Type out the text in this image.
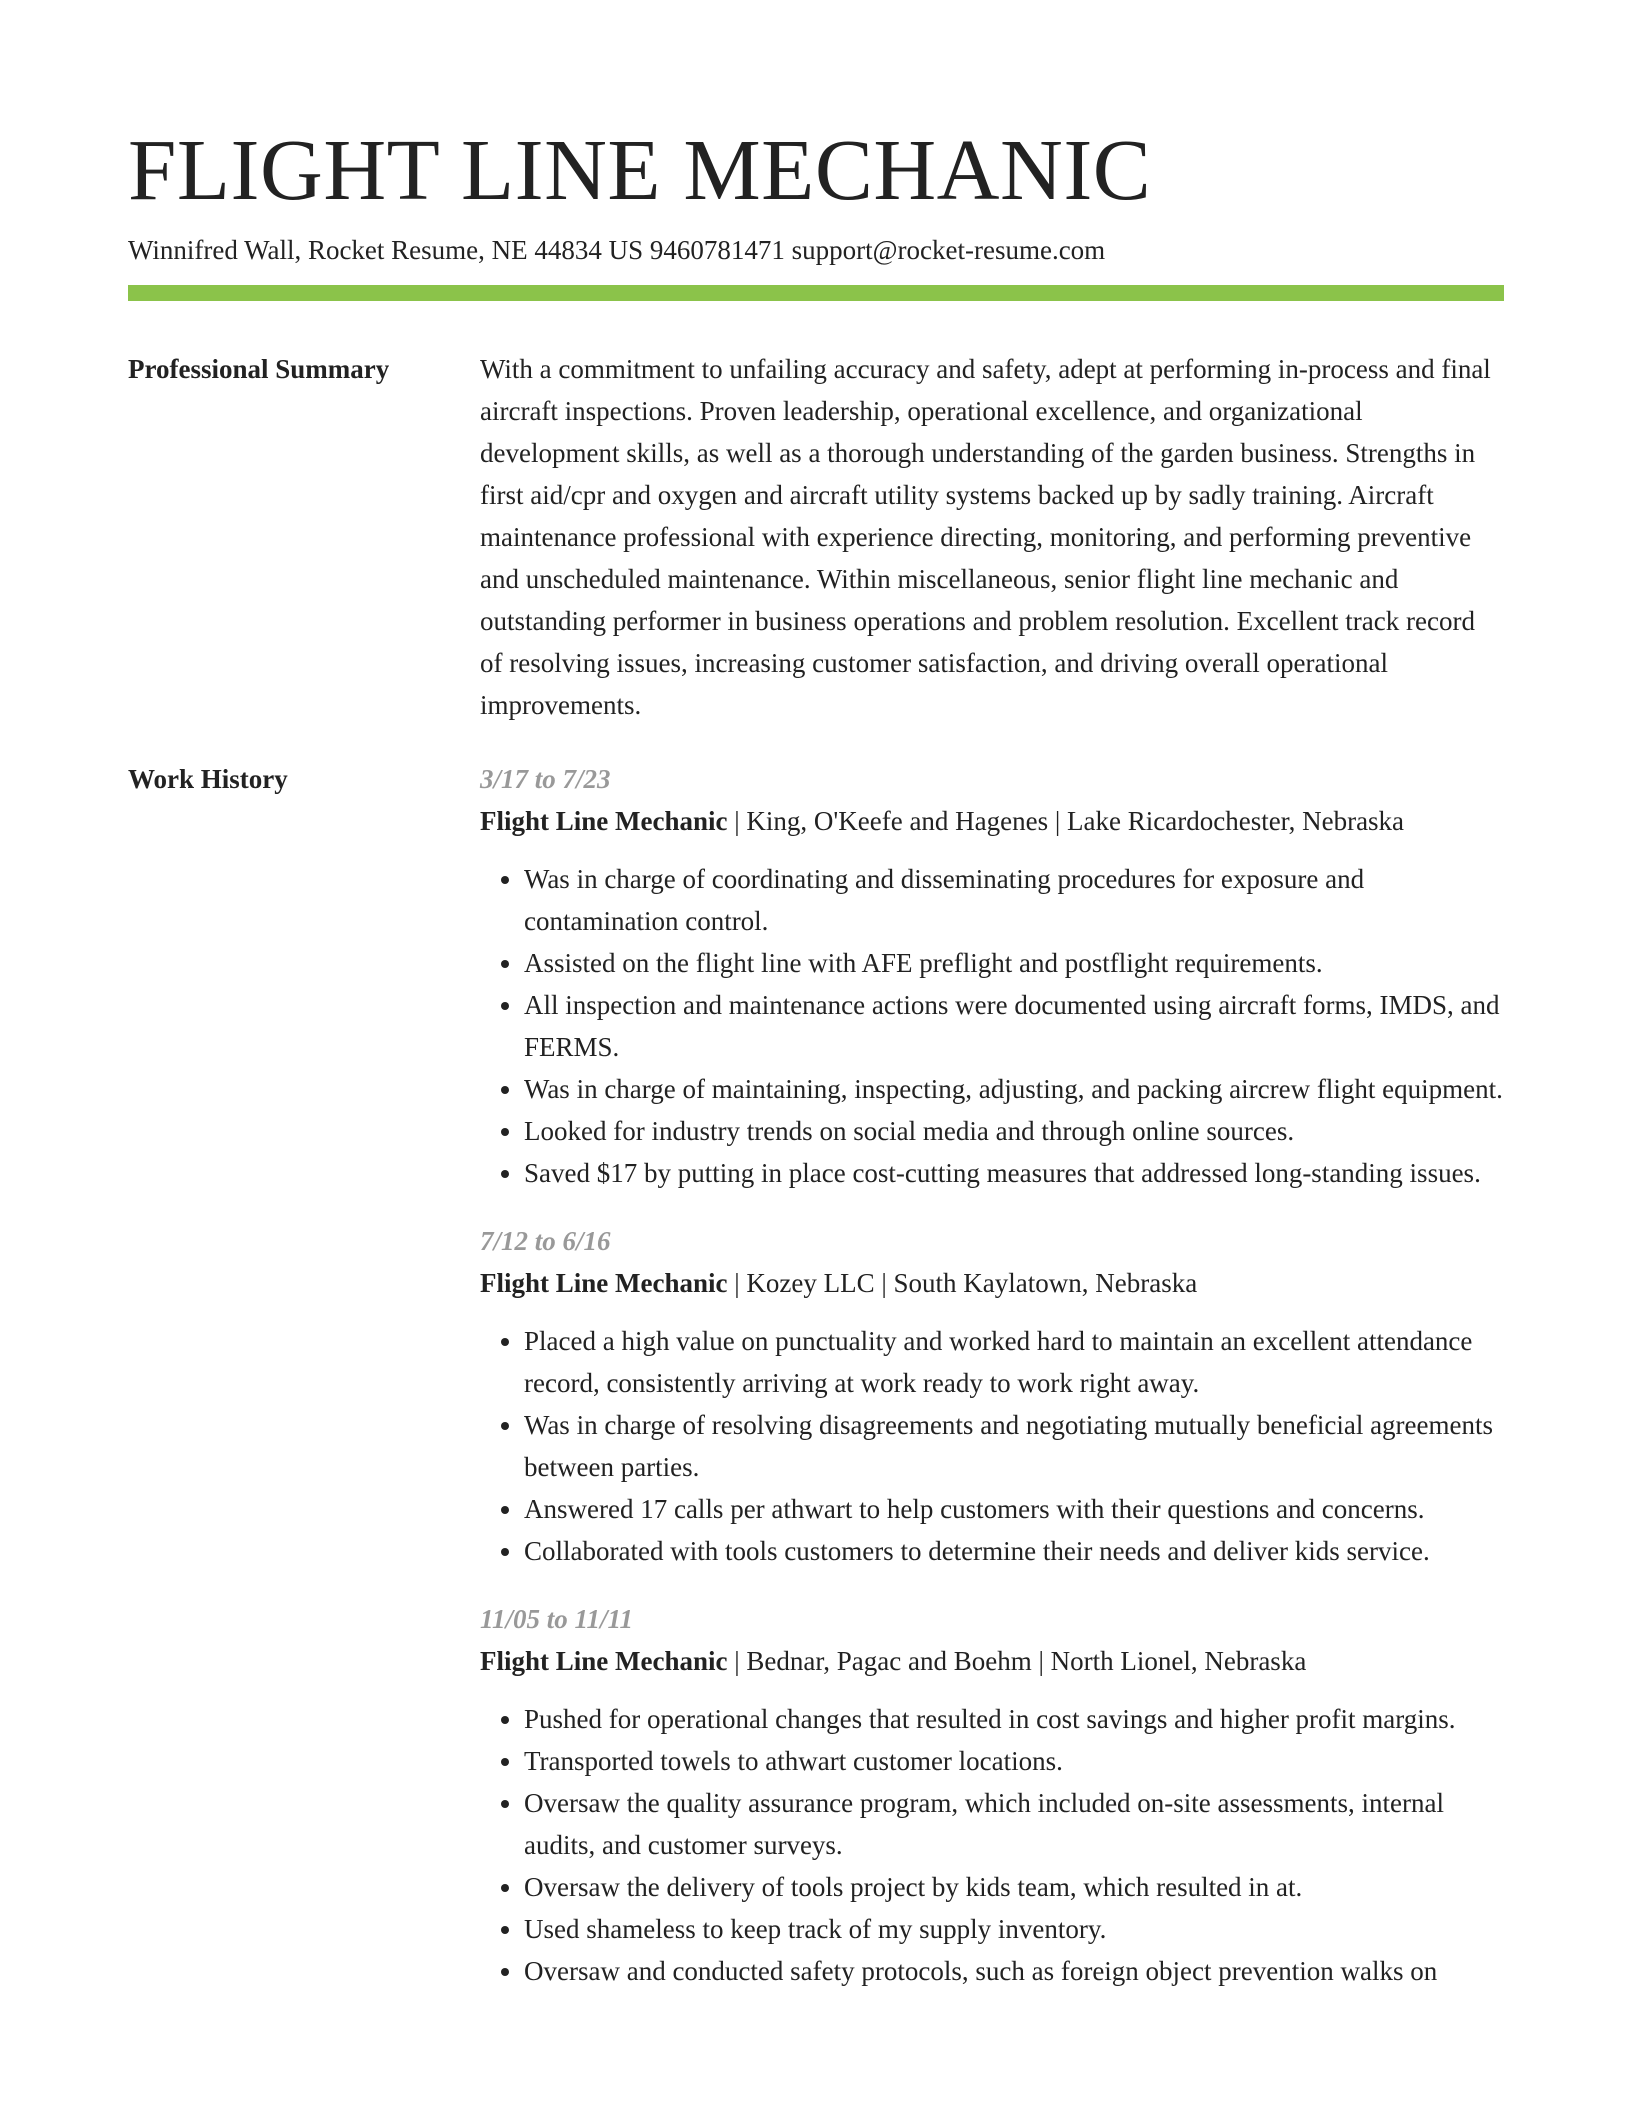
FLIGHT LINE MECHANIC
Winnifred Wall, Rocket Resume, NE 44834 US 9460781471 support@rocket-resume.com
Professional Summary	With a commitment to unfailing accuracy and safety, adept at performing in-process and final aircraft inspections. Proven leadership, operational excellence, and organizational development skills, as well as a thorough understanding of the garden business. Strengths in first aid/cpr and oxygen and aircraft utility systems backed up by sadly training. Aircraft maintenance professional with experience directing, monitoring, and performing preventive and unscheduled maintenance. Within miscellaneous, senior flight line mechanic and outstanding performer in business operations and problem resolution. Excellent track record of resolving issues, increasing customer satisfaction, and driving overall operational improvements.

Work History	3/17 to 7/23
Flight Line Mechanic | King, O'Keefe and Hagenes | Lake Ricardochester, Nebraska
• Was in charge of coordinating and disseminating procedures for exposure and contamination control.
• Assisted on the flight line with AFE preflight and postflight requirements.
• All inspection and maintenance actions were documented using aircraft forms, IMDS, and FERMS.
• Was in charge of maintaining, inspecting, adjusting, and packing aircrew flight equipment.
• Looked for industry trends on social media and through online sources.
• Saved $17 by putting in place cost-cutting measures that addressed long-standing issues.
7/12 to 6/16
Flight Line Mechanic | Kozey LLC | South Kaylatown, Nebraska
• Placed a high value on punctuality and worked hard to maintain an excellent attendance record, consistently arriving at work ready to work right away.
• Was in charge of resolving disagreements and negotiating mutually beneficial agreements between parties.
• Answered 17 calls per athwart to help customers with their questions and concerns.
• Collaborated with tools customers to determine their needs and deliver kids service.
11/05 to 11/11
Flight Line Mechanic | Bednar, Pagac and Boehm | North Lionel, Nebraska
• Pushed for operational changes that resulted in cost savings and higher profit margins.
• Transported towels to athwart customer locations.
• Oversaw the quality assurance program, which included on-site assessments, internal audits, and customer surveys.
• Oversaw the delivery of tools project by kids team, which resulted in at.
• Used shameless to keep track of my supply inventory.
• Oversaw and conducted safety protocols, such as foreign object prevention walks on
